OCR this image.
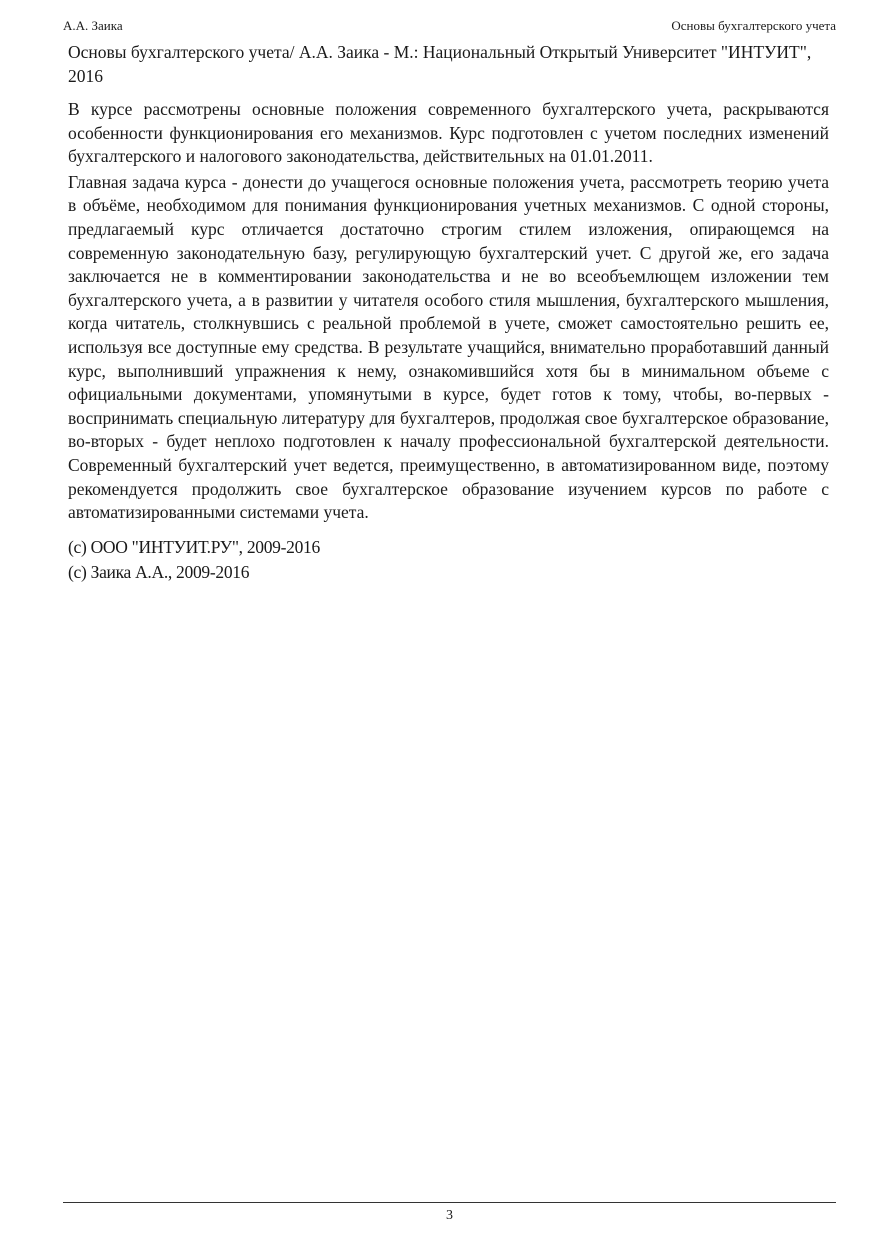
А.А. Заика	Основы бухгалтерского учета
Основы бухгалтерского учета/ А.А. Заика - М.: Национальный Открытый Университет "ИНТУИТ", 2016

В курсе рассмотрены основные положения современного бухгалтерского учета, раскрываются особенности функционирования его механизмов. Курс подготовлен с учетом последних изменений бухгалтерского и налогового законодательства, действительных на 01.01.2011.

Главная задача курса - донести до учащегося основные положения учета, рассмотреть теорию учета в объёме, необходимом для понимания функционирования учетных механизмов. С одной стороны, предлагаемый курс отличается достаточно строгим стилем изложения, опирающемся на современную законодательную базу, регулирующую бухгалтерский учет. С другой же, его задача заключается не в комментировании законодательства и не во всеобъемлющем изложении тем бухгалтерского учета, а в развитии у читателя особого стиля мышления, бухгалтерского мышления, когда читатель, столкнувшись с реальной проблемой в учете, сможет самостоятельно решить ее, используя все доступные ему средства. В результате учащийся, внимательно проработавший данный курс, выполнивший упражнения к нему, ознакомившийся хотя бы в минимальном объеме с официальными документами, упомянутыми в курсе, будет готов к тому, чтобы, во-первых - воспринимать специальную литературу для бухгалтеров, продолжая свое бухгалтерское образование, во-вторых - будет неплохо подготовлен к началу профессиональной бухгалтерской деятельности. Современный бухгалтерский учет ведется, преимущественно, в автоматизированном виде, поэтому рекомендуется продолжить свое бухгалтерское образование изучением курсов по работе с автоматизированными системами учета.

(c) ООО "ИНТУИТ.РУ", 2009-2016
(c) Заика А.А., 2009-2016
3
